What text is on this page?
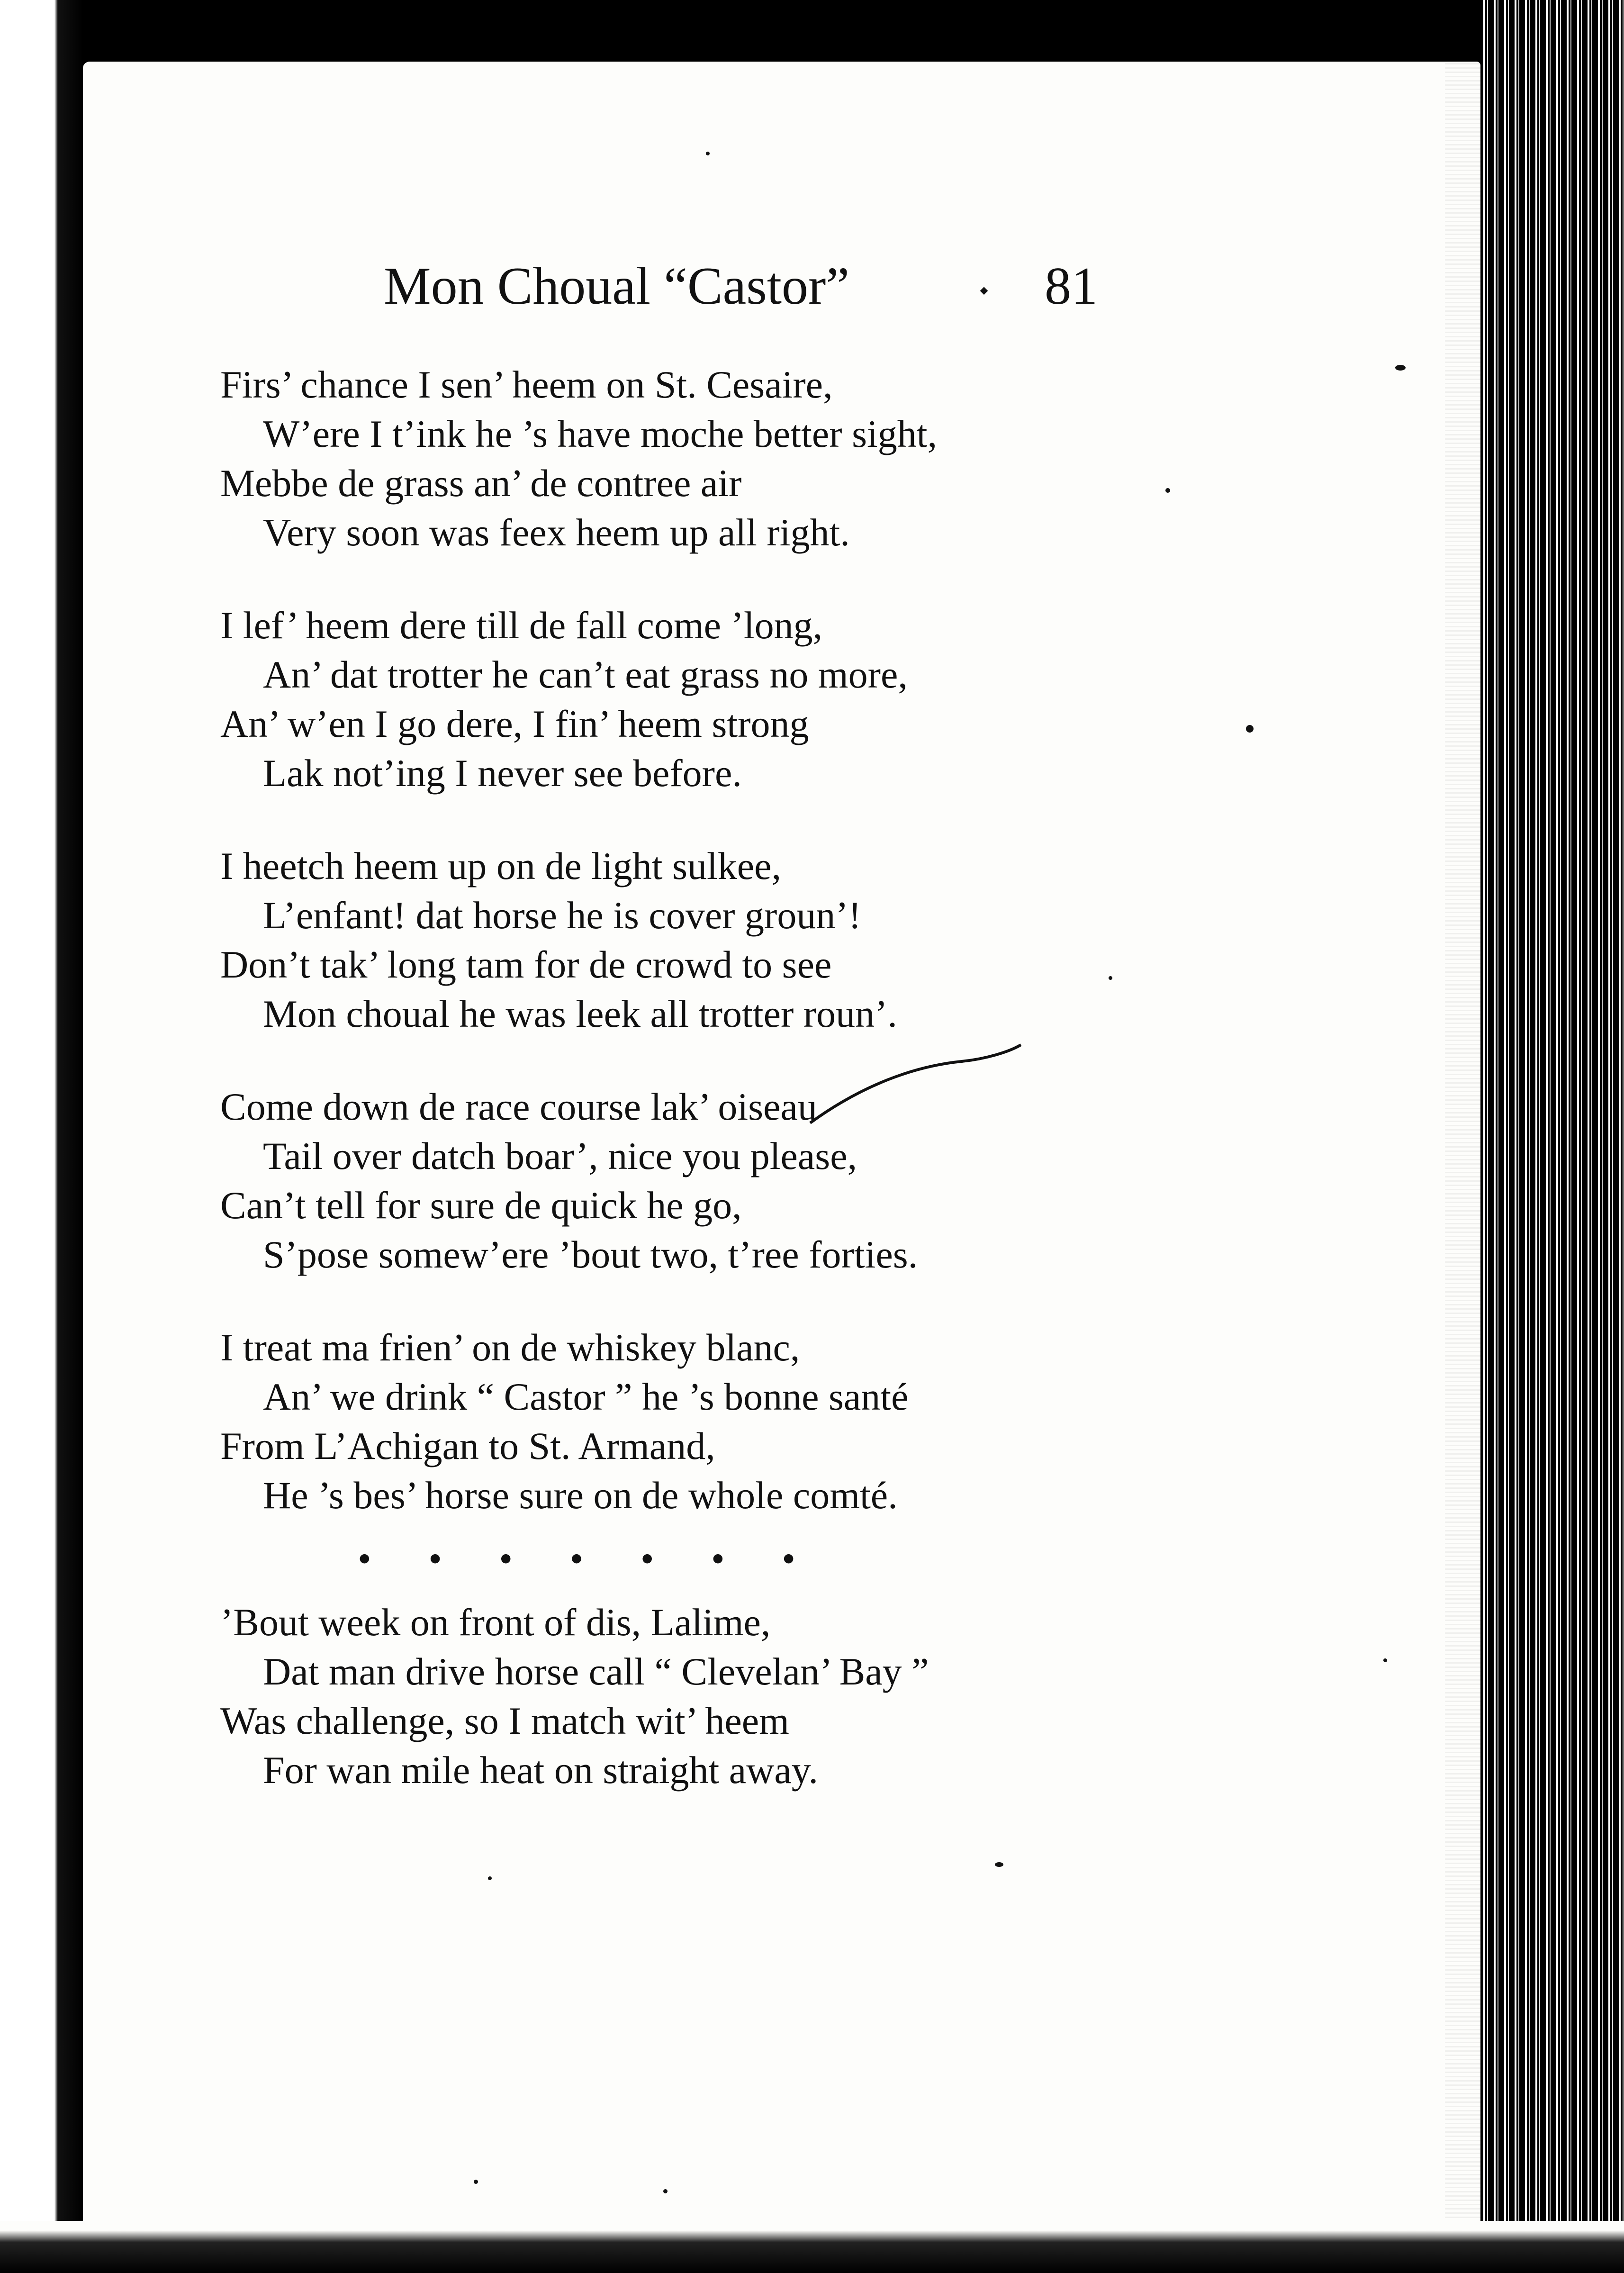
Mon Choual “Castor”	⬩ 81
Firs’ chance I sen’ heem on St. Cesaire,
W’ere I t’ink he ’s have moche better sight,
Mebbe de grass an’ de contree air
Very soon was feex heem up all right.
I lef’ heem dere till de fall come ’long,
An’ dat trotter he can’t eat grass no more,
An’ w’en I go dere, I fin’ heem strong
Lak not’ing I never see before.
I heetch heem up on de light sulkee,
L’enfant! dat horse he is cover groun’!
Don’t tak’ long tam for de crowd to see
Mon choual he was leek all trotter roun’.
Come down de race course lak’ oiseau
Tail over datch boar’, nice you please,
Can’t tell for sure de quick he go,
S’pose somew’ere ’bout two, t’ree forties.
I treat ma frien’ on de whiskey blanc,
An’ we drink “ Castor ” he ’s bonne santé
From L’Achigan to St. Armand,
He ’s bes’ horse sure on de whole comté.
• • • • • • •
’Bout week on front of dis, Lalime,
Dat man drive horse call “ Clevelan’ Bay ”
Was challenge, so I match wit’ heem
For wan mile heat on straight away.
